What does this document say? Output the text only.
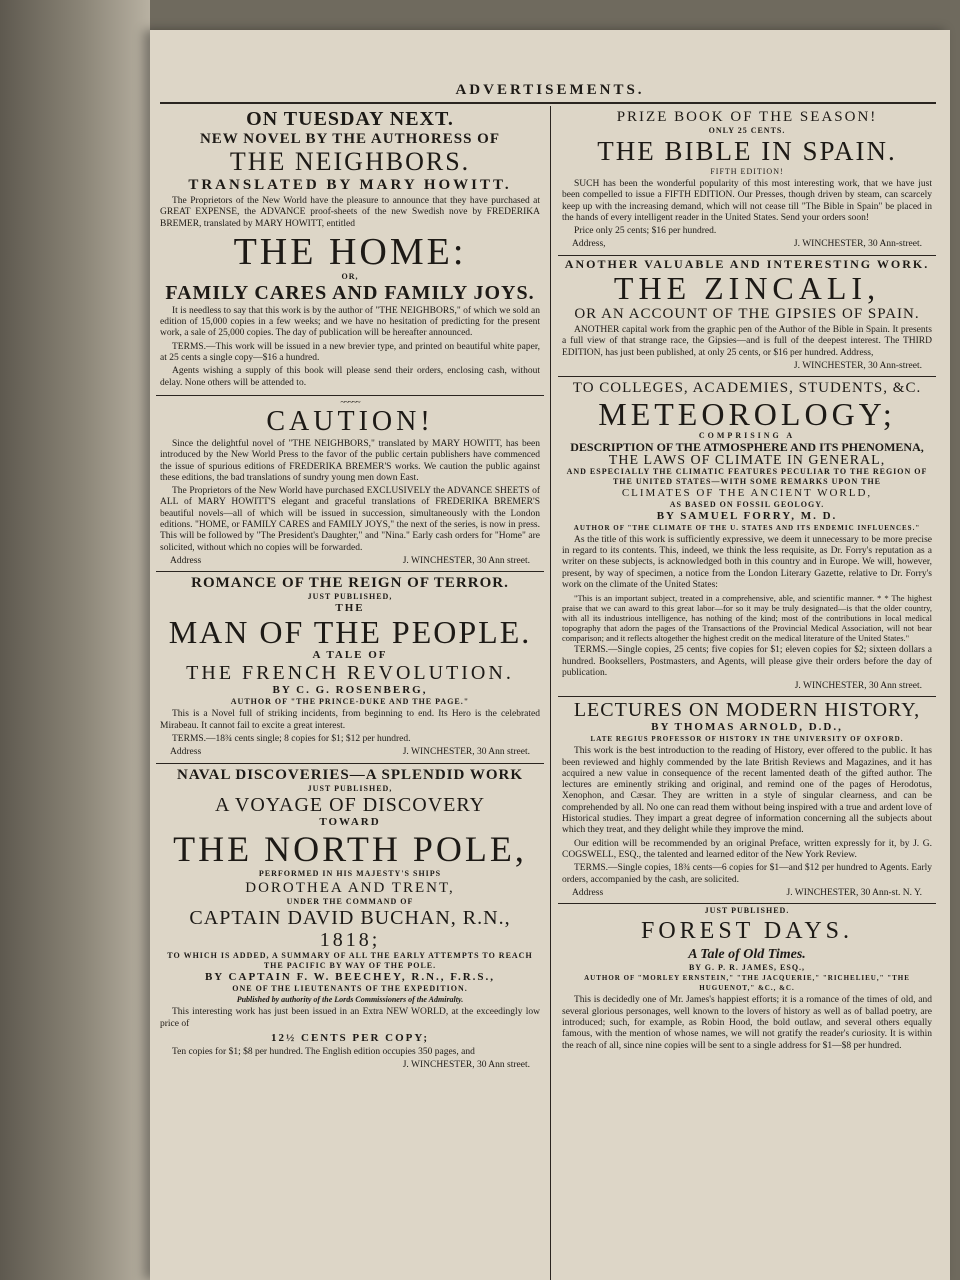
ADVERTISEMENTS.
ON TUESDAY NEXT.
NEW NOVEL BY THE AUTHORESS OF
THE NEIGHBORS.
TRANSLATED BY MARY HOWITT.
The Proprietors of the New World have the pleasure to announce that they have purchased at GREAT EXPENSE, the ADVANCE proof-sheets of the new Swedish nove by FREDERIKA BREMER, translated by MARY HOWITT, entitled
THE HOME:
OR,
FAMILY CARES AND FAMILY JOYS.
It is needless to say that this work is by the author of "THE NEIGHBORS," of which we sold an edition of 15,000 copies in a few weeks; and we have no hesitation of predicting for the present work, a sale of 25,000 copies. The day of publication will be hereafter announced.
TERMS.—This work will be issued in a new brevier type, and printed on beautiful white paper, at 25 cents a single copy—$16 a hundred.
Agents wishing a supply of this book will please send their orders, enclosing cash, without delay. None others will be attended to.
~~~~~
CAUTION!
Since the delightful novel of "THE NEIGHBORS," translated by MARY HOWITT, has been introduced by the New World Press to the favor of the public certain publishers have commenced the issue of spurious editions of FREDERIKA BREMER'S works. We caution the public against these editions, the bad translations of sundry young men down East.
The Proprietors of the New World have purchased EXCLUSIVELY the ADVANCE SHEETS of ALL of MARY HOWITT'S elegant and graceful translations of FREDERIKA BREMER'S beautiful novels—all of which will be issued in succession, simultaneously with the London editions. "HOME, or FAMILY CARES and FAMILY JOYS," the next of the series, is now in press. This will be followed by "The President's Daughter," and "Nina." Early cash orders for "Home" are solicited, without which no copies will be forwarded.
Address	J. WINCHESTER, 30 Ann street.
ROMANCE OF THE REIGN OF TERROR.
JUST PUBLISHED,
THE
MAN OF THE PEOPLE.
A TALE OF
THE FRENCH REVOLUTION.
BY C. G. ROSENBERG,
AUTHOR OF "THE PRINCE-DUKE AND THE PAGE."
This is a Novel full of striking incidents, from beginning to end. Its Hero is the celebrated Mirabeau. It cannot fail to excite a great interest.
TERMS.—18¾ cents single; 8 copies for $1; $12 per hundred.
Address	J. WINCHESTER, 30 Ann street.
NAVAL DISCOVERIES—A SPLENDID WORK
JUST PUBLISHED,
A VOYAGE OF DISCOVERY
TOWARD
THE NORTH POLE,
PERFORMED IN HIS MAJESTY'S SHIPS
DOROTHEA AND TRENT,
UNDER THE COMMAND OF
CAPTAIN DAVID BUCHAN, R.N.,
1818;
TO WHICH IS ADDED, A SUMMARY OF ALL THE EARLY ATTEMPTS TO REACH THE PACIFIC BY WAY OF THE POLE.
BY CAPTAIN F. W. BEECHEY, R.N., F.R.S.,
ONE OF THE LIEUTENANTS OF THE EXPEDITION.
Published by authority of the Lords Commissioners of the Admiralty.
This interesting work has just been issued in an Extra NEW WORLD, at the exceedingly low price of
12½ CENTS PER COPY;
Ten copies for $1; $8 per hundred. The English edition occupies 350 pages, and
J. WINCHESTER, 30 Ann street.
PRIZE BOOK OF THE SEASON!
ONLY 25 CENTS.
THE BIBLE IN SPAIN.
FIFTH EDITION!
SUCH has been the wonderful popularity of this most interesting work, that we have just been compelled to issue a FIFTH EDITION. Our Presses, though driven by steam, can scarcely keep up with the increasing demand, which will not cease till "The Bible in Spain" be placed in the hands of every intelligent reader in the United States. Send your orders soon!
Price only 25 cents; $16 per hundred.
Address,	J. WINCHESTER, 30 Ann-street.
ANOTHER VALUABLE AND INTERESTING WORK.
THE ZINCALI,
OR AN ACCOUNT OF THE GIPSIES OF SPAIN.
ANOTHER capital work from the graphic pen of the Author of the Bible in Spain. It presents a full view of that strange race, the Gipsies—and is full of the deepest interest. The THIRD EDITION, has just been published, at only 25 cents, or $16 per hundred. Address,
J. WINCHESTER, 30 Ann-street.
TO COLLEGES, ACADEMIES, STUDENTS, &C.
METEOROLOGY;
COMPRISING A
DESCRIPTION OF THE ATMOSPHERE AND ITS PHENOMENA,
THE LAWS OF CLIMATE IN GENERAL,
AND ESPECIALLY THE CLIMATIC FEATURES PECULIAR TO THE REGION OF THE UNITED STATES—WITH SOME REMARKS UPON THE
CLIMATES OF THE ANCIENT WORLD,
AS BASED ON FOSSIL GEOLOGY.
BY SAMUEL FORRY, M. D.
AUTHOR OF "THE CLIMATE OF THE U. STATES AND ITS ENDEMIC INFLUENCES."
As the title of this work is sufficiently expressive, we deem it unnecessary to be more precise in regard to its contents. This, indeed, we think the less requisite, as Dr. Forry's reputation as a writer on these subjects, is acknowledged both in this country and in Europe. We will, however, present, by way of specimen, a notice from the London Literary Gazette, relative to Dr. Forry's work on the climate of the United States:
"This is an important subject, treated in a comprehensive, able, and scientific manner. * * The highest praise that we can award to this great labor—for so it may be truly designated—is that the older country, with all its industrious intelligence, has nothing of the kind; most of the contributions in local medical topography that adorn the pages of the Transactions of the Provincial Medical Association, will not bear comparison; and it reflects altogether the highest credit on the medical literature of the United States."
TERMS.—Single copies, 25 cents; five copies for $1; eleven copies for $2; sixteen dollars a hundred. Booksellers, Postmasters, and Agents, will please give their orders before the day of publication.
J. WINCHESTER, 30 Ann street.
LECTURES ON MODERN HISTORY,
BY THOMAS ARNOLD, D.D.,
LATE REGIUS PROFESSOR OF HISTORY IN THE UNIVERSITY OF OXFORD.
This work is the best introduction to the reading of History, ever offered to the public. It has been reviewed and highly commended by the late British Reviews and Magazines, and it has acquired a new value in consequence of the recent lamented death of the gifted author. The lectures are eminently striking and original, and remind one of the pages of Herodotus, Xenophon, and Cæsar. They are written in a style of singular clearness, and can be comprehended by all. No one can read them without being inspired with a true and ardent love of Historical studies. They impart a great degree of information concerning all the subjects about which they treat, and they delight while they improve the mind.
Our edition will be recommended by an original Preface, written expressly for it, by J. G. COGSWELL, ESQ., the talented and learned editor of the New York Review.
TERMS.—Single copies, 18¾ cents—6 copies for $1—and $12 per hundred to Agents. Early orders, accompanied by the cash, are solicited.
Address	J. WINCHESTER, 30 Ann-st. N. Y.
JUST PUBLISHED.
FOREST DAYS.
A Tale of Old Times.
BY G. P. R. JAMES, ESQ.,
AUTHOR OF "MORLEY ERNSTEIN," "THE JACQUERIE," "RICHELIEU," "THE HUGUENOT," &C., &C.
This is decidedly one of Mr. James's happiest efforts; it is a romance of the times of old, and several glorious personages, well known to the lovers of history as well as of ballad poetry, are introduced; such, for example, as Robin Hood, the bold outlaw, and several others equally famous, with the mention of whose names, we will not gratify the reader's curiosity. It is within the reach of all, since nine copies will be sent to a single address for $1—$8 per hundred.
